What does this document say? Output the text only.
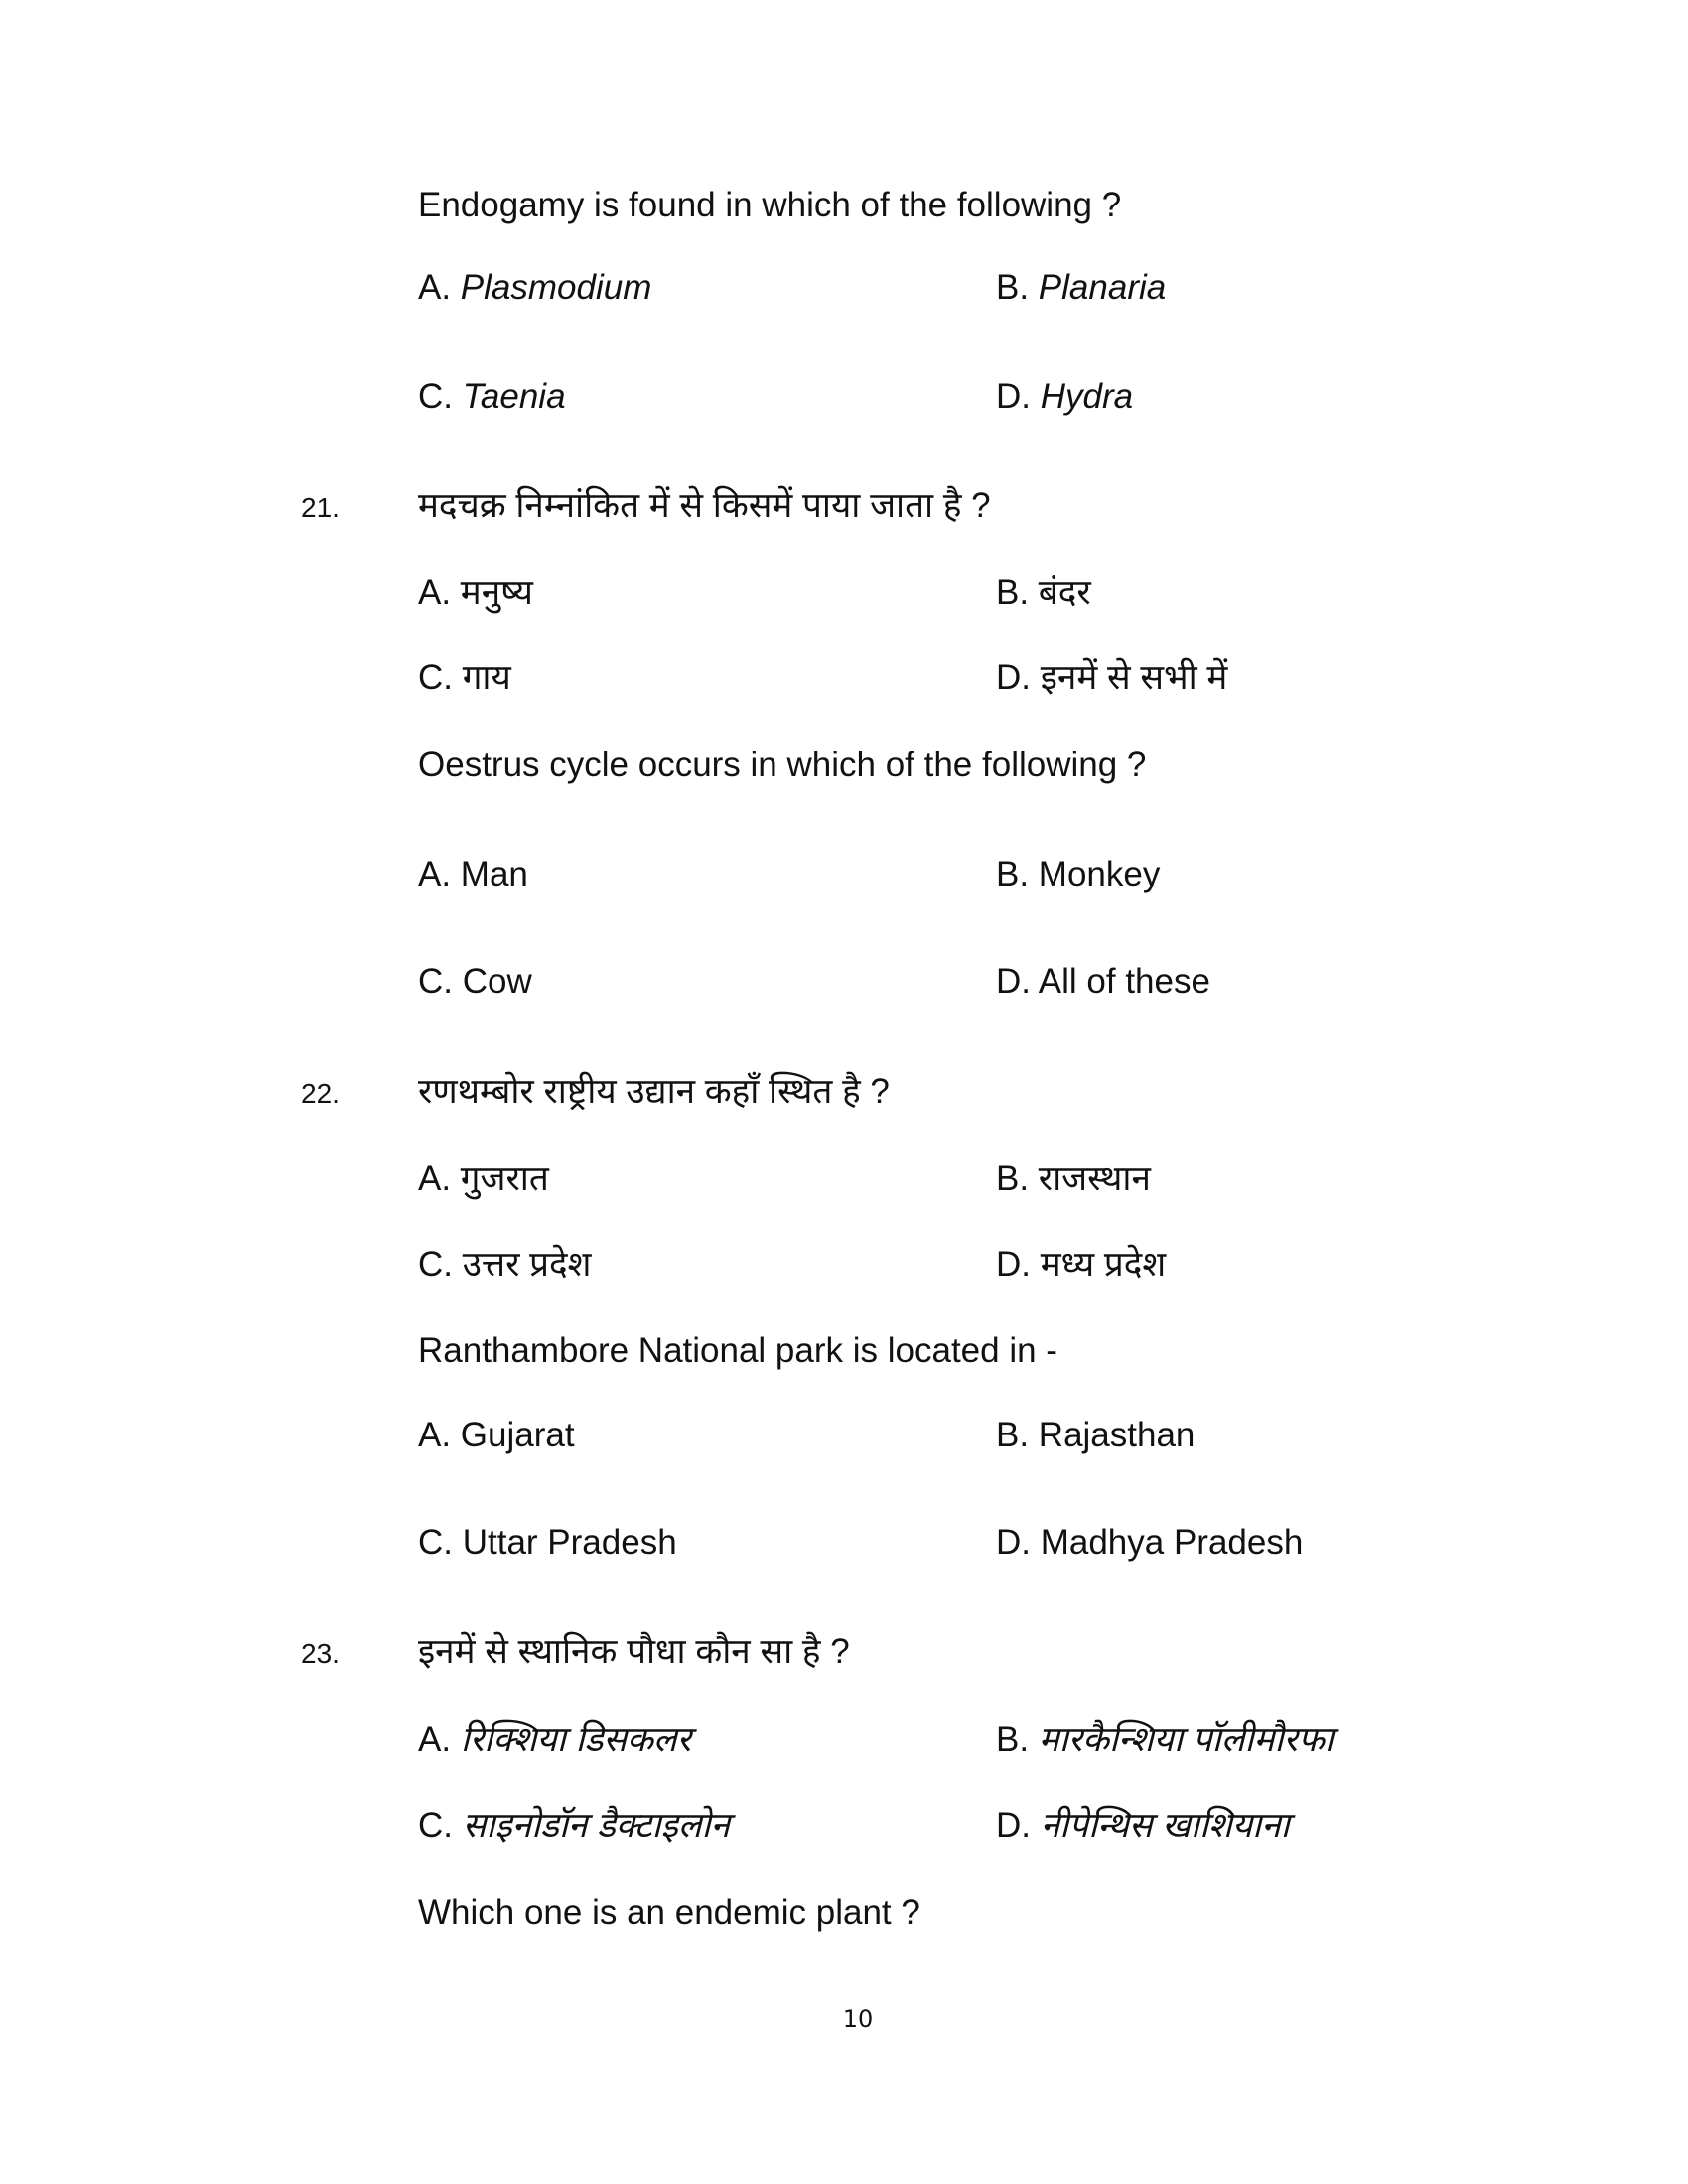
Endogamy is found in which of the following ?
A. Plasmodium	B. Planaria
C. Taenia	D. Hydra
21. मदचक्र निम्नांकित में से किसमें पाया जाता है ?
A. मनुष्य	B. बंदर
C. गाय	D. इनमें से सभी में
Oestrus cycle occurs in which of the following ?
A. Man	B. Monkey
C. Cow	D. All of these
22. रणथम्बोर राष्ट्रीय उद्यान कहाँ स्थित है ?
A. गुजरात	B. राजस्थान
C. उत्तर प्रदेश	D. मध्य प्रदेश
Ranthambore National park is located in -
A. Gujarat	B. Rajasthan
C. Uttar Pradesh	D. Madhya Pradesh
23. इनमें से स्थानिक पौधा कौन सा है ?
A. रिक्शिया डिसकलर	B. मारकैन्शिया पॉलीमौरफा
C. साइनोडॉन डैक्टाइलोन	D. नीपेन्थिस खाशियाना
Which one is an endemic plant ?
10
